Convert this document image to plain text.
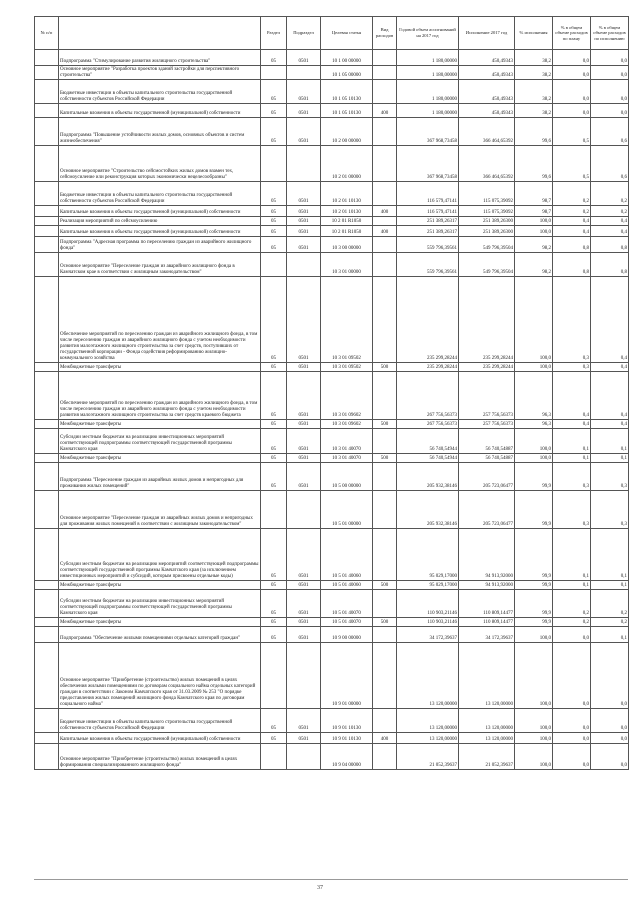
№ п/п		Раздел	Подраздел	Целевая статья	Вид расходов	Годовой объем ассигнований на 2017 год	Исполнение 2017 год	% исполнения	% в общем объеме расходов по плану	% в общем объеме расходов по исполнению
	Подпрограмма "Стимулирование развития жилищного строительства"	05	0501	10 1 00 00000		1 180,00000	450,49343	38,2	0,0	0,0
	Основное мероприятие "Разработка проектов зданий застройки для перспективного строительства"			10 1 05 00000		1 180,00000	450,49343	38,2	0,0	0,0
	Бюджетные инвестиции в объекты капитального строительства государственной собственности субъектов Российской Федерации	05	0501	10 1 05 10130		1 180,00000	450,49343	38,2	0,0	0,0
	Капитальные вложения в объекты государственной (муниципальной) собственности	05	0501	10 1 05 10130	400	1 180,00000	450,49343	38,2	0,0	0,0
	Подпрограмма "Повышение устойчивости жилых домов, основных объектов и систем жизнеобеспечения"	05	0501	10 2 00 00000		367 968,73458	366 464,65392	99,6	0,5	0,6
	Основное мероприятие "Строительство сейсмостойких жилых домов взамен тех, сейсмоусиление или реконструкция которых экономически нецелесообразны"			10 2 01 00000		367 968,73458	366 464,65392	99,6	0,5	0,6
	Бюджетные инвестиции в объекты капитального строительства государственной собственности субъектов Российской Федерации	05	0501	10 2 01 10130		116 579,47141	115 075,39092	98,7	0,2	0,2
	Капитальные вложения в объекты государственной (муниципальной) собственности	05	0501	10 2 01 10130	400	116 579,47141	115 075,39092	98,7	0,2	0,2
	Реализация мероприятий по сейсмоусилению	05	0501	10 2 01 R1050		251 389,26317	251 389,26300	100,0	0,4	0,4
	Капитальные вложения в объекты государственной (муниципальной) собственности	05	0501	10 2 01 R1050	400	251 389,26317	251 389,26300	100,0	0,4	0,4
	Подпрограмма "Адресная программа по переселению граждан из аварийного жилищного фонда"	05	0501	10 3 00 00000		559 796,39561	549 796,39504	98,2	0,8	0,8
	Основное мероприятие "Переселение граждан из аварийного жилищного фонда в Камчатском крае в соответствии с жилищным законодательством"			10 3 01 00000		559 796,39561	549 796,39504	98,2	0,8	0,8
	Обеспечение мероприятий по переселению граждан из аварийного жилищного фонда, в том числе переселению граждан из аварийного жилищного фонда с учетом необходимости развития малоэтажного жилищного строительства за счет средств, поступивших от государственной корпорации - Фонда содействия реформированию жилищно-коммунального хозяйства	05	0501	10 3 01 09502		235 299,28244	235 299,28244	100,0	0,3	0,4
	Межбюджетные трансферты	05	0501	10 3 01 09502	500	235 299,28244	235 299,28244	100,0	0,3	0,4
	Обеспечение мероприятий по переселению граждан из аварийного жилищного фонда, в том числе переселению граждан из аварийного жилищного фонда с учетом необходимости развития малоэтажного жилищного строительства за счет средств краевого бюджета	05	0501	10 3 01 09602		267 756,56373	257 756,56373	96,3	0,4	0,4
	Межбюджетные трансферты	05	0501	10 3 01 09602	500	267 756,56373	257 756,56373	96,3	0,4	0,4
	Субсидии местным бюджетам на реализацию инвестиционных мероприятий соответствующей подпрограммы соответствующей государственной программы Камчатского края	05	0501	10 3 01 40070		56 740,54944	56 740,54887	100,0	0,1	0,1
	Межбюджетные трансферты	05	0501	10 3 01 40070	500	56 740,54944	56 740,54887	100,0	0,1	0,1
	Подпрограмма "Переселение граждан из аварийных жилых домов и непригодных для проживания жилых помещений"	05	0501	10 5 00 00000		205 932,38146	205 723,06477	99,9	0,3	0,3
	Основное мероприятие "Переселение граждан из аварийных жилых домов и непригодных для проживания жилых помещений в соответствии с жилищным законодательством"			10 5 01 00000		205 932,38146	205 723,06477	99,9	0,3	0,3
	Субсидии местным бюджетам на реализацию мероприятий соответствующей подпрограммы соответствующей государственной программы Камчатского края (за исключением инвестиционных мероприятий и субсидий, которым присвоены отдельные коды)	05	0501	10 5 01 40060		95 029,17000	94 913,92000	99,9	0,1	0,1
	Межбюджетные трансферты	05	0501	10 5 01 40060	500	95 029,17000	94 913,92000	99,9	0,1	0,1
	Субсидии местным бюджетам на реализацию инвестиционных мероприятий соответствующей подпрограммы соответствующей государственной программы Камчатского края	05	0501	10 5 01 40070		110 903,21146	110 809,14477	99,9	0,2	0,2
	Межбюджетные трансферты	05	0501	10 5 01 40070	500	110 903,21146	110 809,14477	99,9	0,2	0,2
	Подпрограмма "Обеспечение жилыми помещениями отдельных категорий граждан"	05	0501	10 9 00 00000		34 172,39637	34 172,39637	100,0	0,0	0,1
	Основное мероприятие "Приобретение (строительство) жилых помещений в целях обеспечения жилыми помещениями по договорам социального найма отдельных категорий граждан в соответствии с Законом Камчатского края от 31.03.2009 № 253 "О порядке предоставления жилых помещений жилищного фонда Камчатского края по договорам социального найма"			10 9 01 00000		13 120,00000	13 120,00000	100,0	0,0	0,0
	Бюджетные инвестиции в объекты капитального строительства государственной собственности субъектов Российской Федерации	05	0501	10 9 01 10130		13 120,00000	13 120,00000	100,0	0,0	0,0
	Капитальные вложения в объекты государственной (муниципальной) собственности	05	0501	10 9 01 10130	400	13 120,00000	13 120,00000	100,0	0,0	0,0
	Основное мероприятие "Приобретение (строительство) жилых помещений в целях формирования специализированного жилищного фонда"			10 9 04 00000		21 052,39637	21 052,39637	100,0	0,0	0,0
37
